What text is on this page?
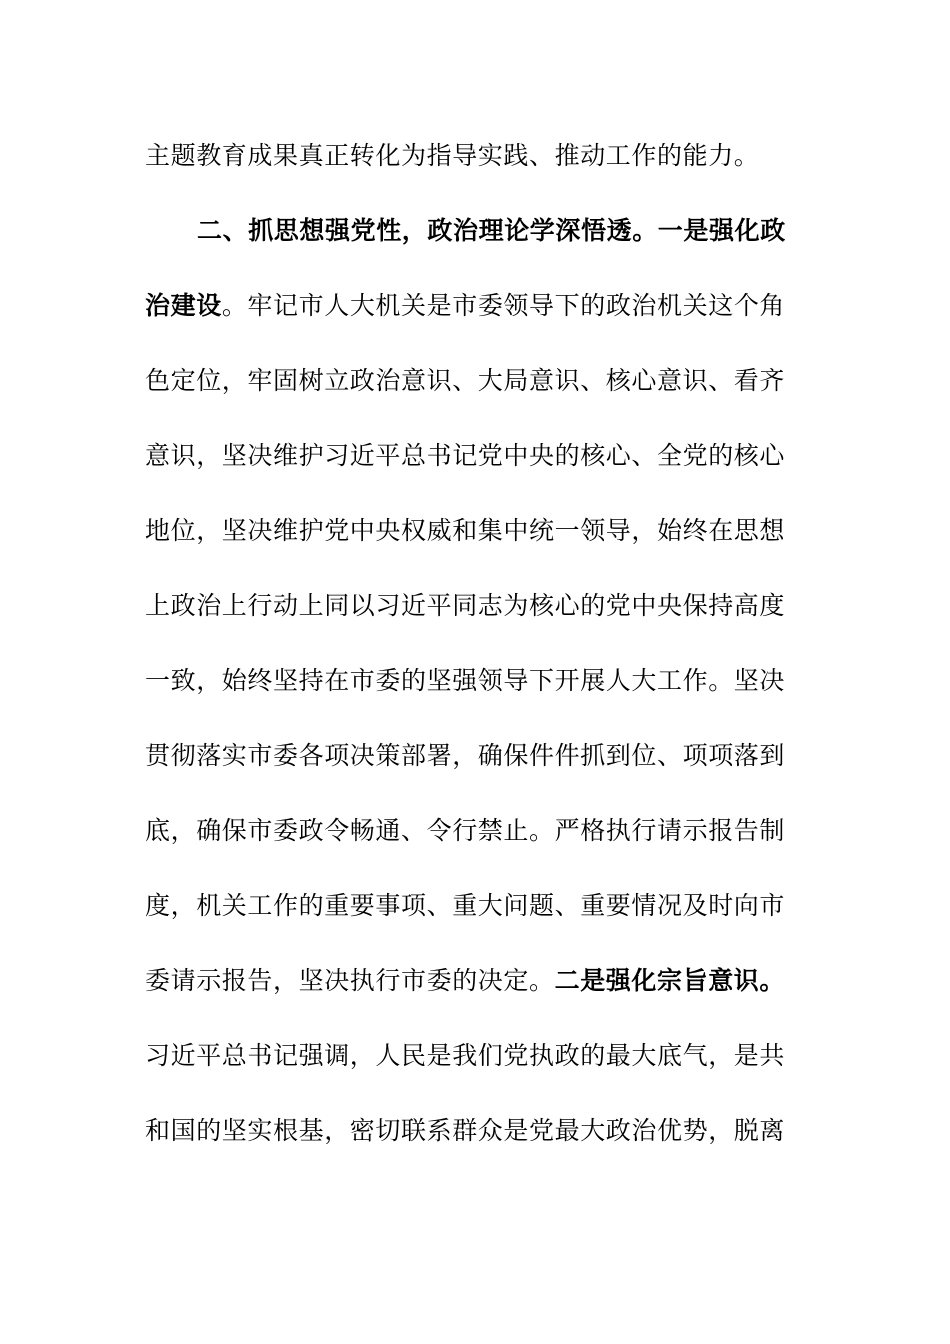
主题教育成果真正转化为指导实践、推动工作的能力。
二、抓思想强党性，政治理论学深悟透。一是强化政
治建设。牢记市人大机关是市委领导下的政治机关这个角
色定位，牢固树立政治意识、大局意识、核心意识、看齐
意识，坚决维护习近平总书记党中央的核心、全党的核心
地位，坚决维护党中央权威和集中统一领导，始终在思想
上政治上行动上同以习近平同志为核心的党中央保持高度
一致，始终坚持在市委的坚强领导下开展人大工作。坚决
贯彻落实市委各项决策部署，确保件件抓到位、项项落到
底，确保市委政令畅通、令行禁止。严格执行请示报告制
度，机关工作的重要事项、重大问题、重要情况及时向市
委请示报告，坚决执行市委的决定。二是强化宗旨意识。
习近平总书记强调，人民是我们党执政的最大底气，是共
和国的坚实根基，密切联系群众是党最大政治优势，脱离
